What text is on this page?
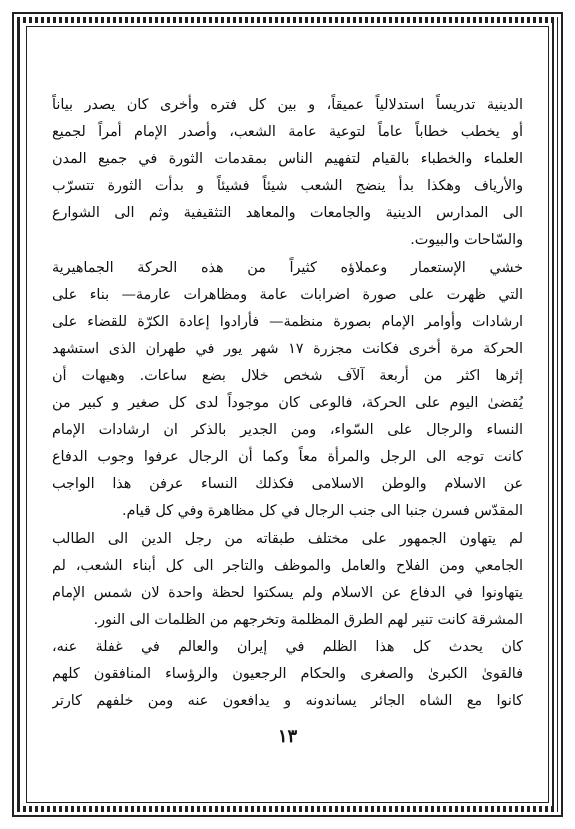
الدينية تدريساً استدلالياً عميقاً، و بين كل فتره وأخرى كان يصدر بياناً
أو يخطب خطاباً عاماً لتوعية عامة الشعب، وأصدر الإمام أمراً لجميع
العلماء والخطباء بالقيام لتفهيم الناس بمقدمات الثورة في جميع المدن
والأرياف وهكذا بدأ ينضج الشعب شيئاً فشيئاً و بدأت الثورة تتسرّب
الى المدارس الدينية والجامعات والمعاهد التثقيفية وثم الى الشوارع
والسّاحات والبيوت.
خشي الإستعمار وعملاؤه كثيراً من هذه الحركة الجماهيرية
التي ظهرت على صورة اضرابات عامة ومظاهرات عارمة— بناء على
ارشادات وأوامر الإمام بصورة منظمة— فأرادوا إعادة الكرّة للقضاء على
الحركة مرة أخرى فكانت مجزرة ١٧ شهر يور في طهران الذى استشهد
إثرها اكثر من أربعة آلآف شخص خلال بضع ساعات. وهيهات أن
يُقضىٰ اليوم على الحركة، فالوعى كان موجوداً لدى كل صغير و كبير من
النساء والرجال على السّواء، ومن الجدير بالذكر ان ارشادات الإمام
كانت توجه الى الرجل والمرأة معاً وكما أن الرجال عرفوا وجوب الدفاع
عن الاسلام والوطن الاسلامى فكذلك النساء عرفن هذا الواجب
المقدّس فسرن جنبا الى جنب الرجال في كل مظاهرة وفي كل قيام.
لم يتهاون الجمهور على مختلف طبقاته من رجل الدين الى الطالب
الجامعي ومن الفلاح والعامل والموظف والتاجر الى كل أبناء الشعب، لم
يتهاونوا في الدفاع عن الاسلام ولم يسكتوا لحظة واحدة لان شمس الإمام
المشرقة كانت تنير لهم الطرق المظلمة وتخرجهم من الظلمات الى النور.
كان يحدث كل هذا الظلم في إيران والعالم في غفلة عنه،
فالقوىٰ الكبرىٰ والصغرى والحكام الرجعيون والرؤساء المنافقون كلهم
كانوا مع الشاه الجائر يساندونه و يدافعون عنه ومن خلفهم كارتر
١٣
